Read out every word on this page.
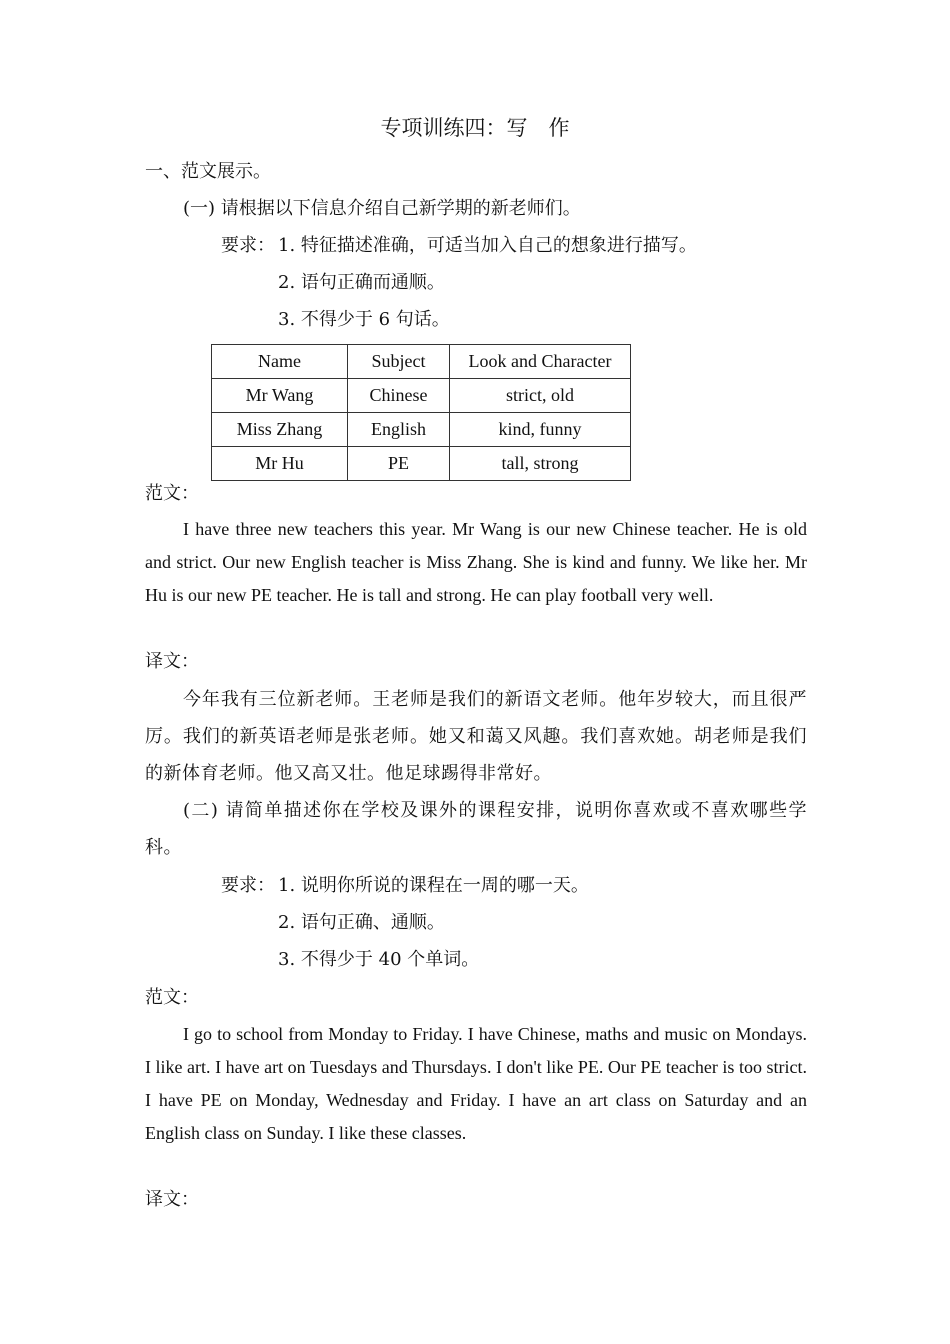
专项训练四：写　作
一、范文展示。
(一) 请根据以下信息介绍自己新学期的新老师们。
要求： 1. 特征描述准确，可适当加入自己的想象进行描写。
2. 语句正确而通顺。
3. 不得少于 6 句话。
Name	Subject	Look and Character
Mr Wang	Chinese	strict, old
Miss Zhang	English	kind, funny
Mr Hu	PE	tall, strong
范文：
I have three new teachers this year. Mr Wang is our new Chinese teacher. He is old and strict. Our new English teacher is Miss Zhang. She is kind and funny. We like her. Mr Hu is our new PE teacher. He is tall and strong. He can play football very well.
译文：
今年我有三位新老师。王老师是我们的新语文老师。他年岁较大，而且很严厉。我们的新英语老师是张老师。她又和蔼又风趣。我们喜欢她。胡老师是我们的新体育老师。他又高又壮。他足球踢得非常好。
(二) 请简单描述你在学校及课外的课程安排，说明你喜欢或不喜欢哪些学科。
要求： 1. 说明你所说的课程在一周的哪一天。
2. 语句正确、通顺。
3. 不得少于 40 个单词。
范文：
I go to school from Monday to Friday. I have Chinese, maths and music on Mondays. I like art. I have art on Tuesdays and Thursdays. I don't like PE. Our PE teacher is too strict. I have PE on Monday, Wednesday and Friday. I have an art class on Saturday and an English class on Sunday. I like these classes.
译文：
